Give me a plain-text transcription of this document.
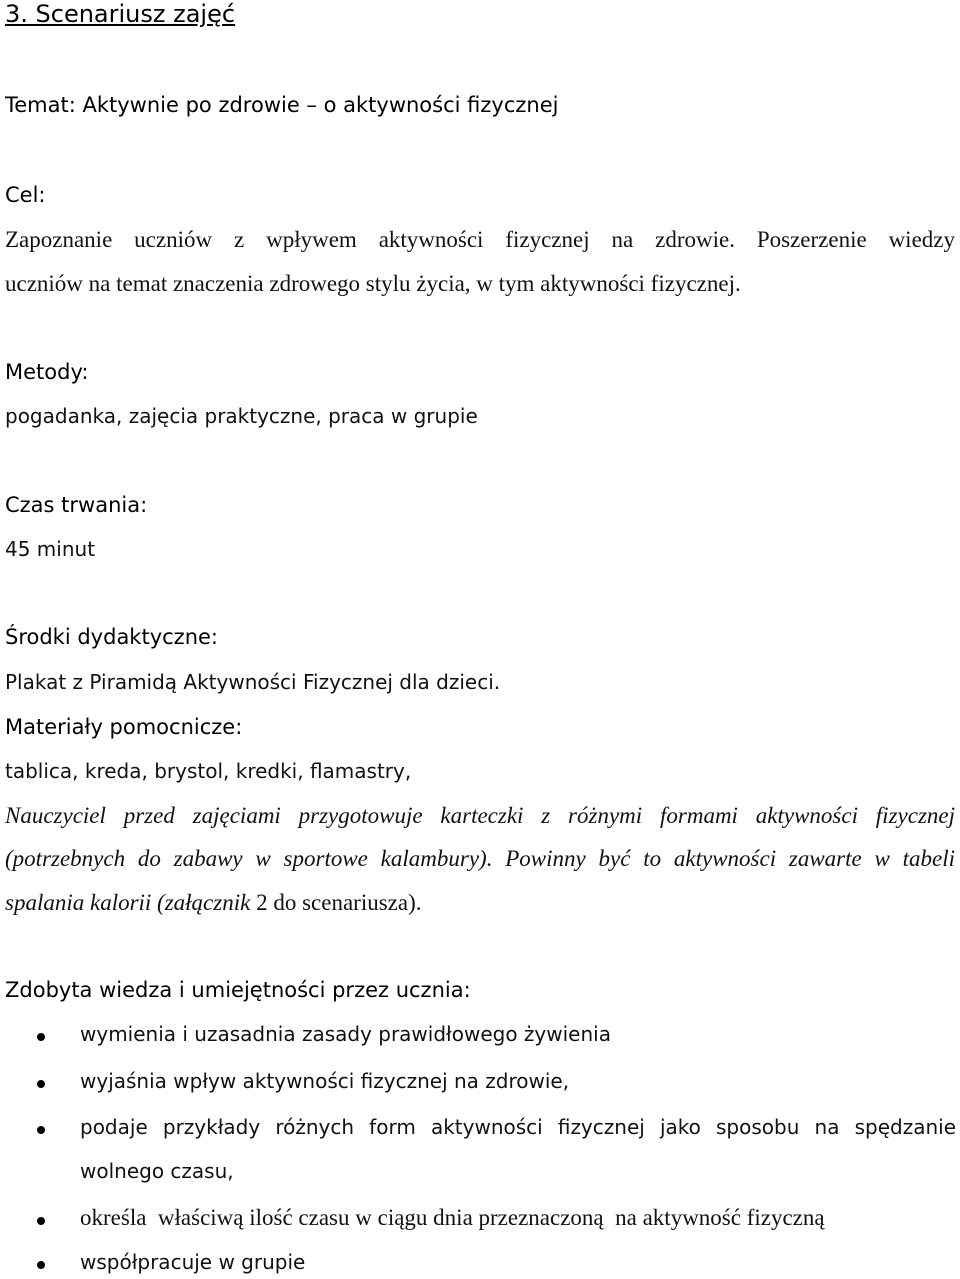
3. Scenariusz zajęć
Temat: Aktywnie po zdrowie – o aktywności fizycznej
Cel:
Zapoznanie uczniów z wpływem aktywności fizycznej na zdrowie. Poszerzenie wiedzy
uczniów na temat znaczenia zdrowego stylu życia, w tym aktywności fizycznej.
Metody:
pogadanka, zajęcia praktyczne, praca w grupie
Czas trwania:
45 minut
Środki dydaktyczne:
Plakat z Piramidą Aktywności Fizycznej dla dzieci.
Materiały pomocnicze:
tablica, kreda, brystol, kredki, flamastry,
Nauczyciel przed zajęciami przygotowuje karteczki z różnymi formami aktywności fizycznej
(potrzebnych do zabawy w sportowe kalambury). Powinny być to aktywności zawarte w tabeli
spalania kalorii (załącznik 2 do scenariusza).
Zdobyta wiedza i umiejętności przez ucznia:
wymienia i uzasadnia zasady prawidłowego żywienia
wyjaśnia wpływ aktywności fizycznej na zdrowie,
podaje przykłady różnych form aktywności fizycznej jako sposobu na spędzanie
wolnego czasu,
określa  właściwą ilość czasu w ciągu dnia przeznaczoną  na aktywność fizyczną
współpracuje w grupie
